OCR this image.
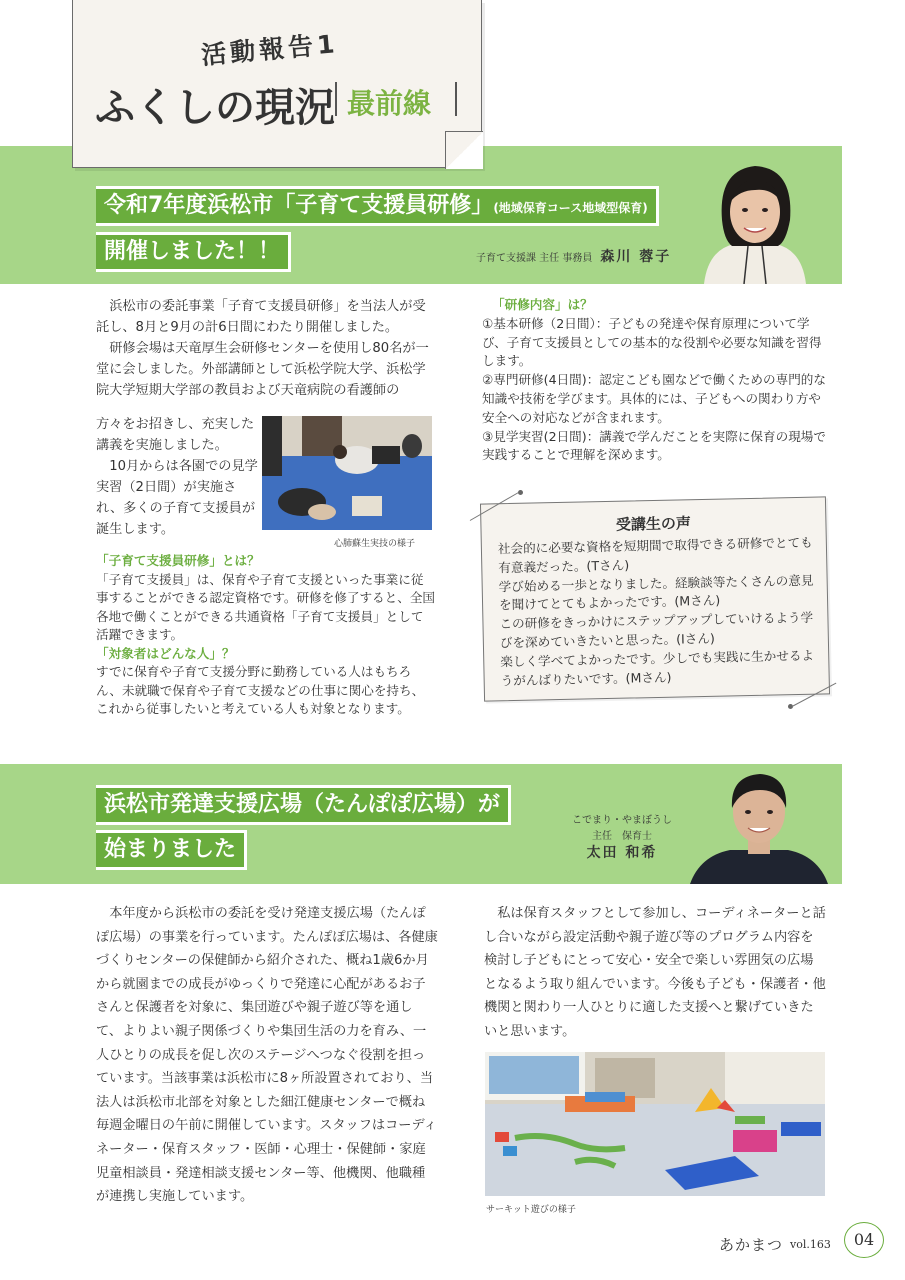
活動報告1
ふくしの現況 最前線
令和7年度浜松市「子育て支援員研修」(地域保育コース地域型保育)
開催しました！！	子育て支援課 主任 事務員 森川 蓉子

浜松市の委託事業「子育て支援員研修」を当法人が受託し、8月と9月の計6日間にわたり開催しました。

研修会場は天竜厚生会研修センターを使用し80名が一堂に会しました。外部講師として浜松学院大学、浜松学院大学短期大学部の教員および天竜病院の看護師の

方々をお招きし、充実した講義を実施しました。

10月からは各園での見学実習（2日間）が実施され、多くの子育て支援員が誕生します。

心肺蘇生実技の様子

「子育て支援員研修」とは？

「子育て支援員」は、保育や子育て支援といった事業に従事することができる認定資格です。研修を修了すると、全国各地で働くことができる共通資格「子育て支援員」として活躍できます。

「対象者はどんな人」？

すでに保育や子育て支援分野に勤務している人はもちろん、未就職で保育や子育て支援などの仕事に関心を持ち、これから従事したいと考えている人も対象となります。

「研修内容」は？

①基本研修（2日間）：子どもの発達や保育原理について学び、子育て支援員としての基本的な役割や必要な知識を習得します。

②専門研修(4日間)：認定こども園などで働くための専門的な知識や技術を学びます。具体的には、子どもへの関わり方や安全への対応などが含まれます。

③見学実習(2日間)：講義で学んだことを実際に保育の現場で実践することで理解を深めます。

受講生の声

社会的に必要な資格を短期間で取得できる研修でとても有意義だった。(Tさん)

学び始める一歩となりました。経験談等たくさんの意見を聞けてとてもよかったです。(Mさん)

この研修をきっかけにステップアップしていけるよう学びを深めていきたいと思った。(Iさん)

楽しく学べてよかったです。少しでも実践に生かせるようがんばりたいです。(Mさん)

浜松市発達支援広場（たんぽぽ広場）が
始まりました
こでまり・やまぼうし
主任　保育士
太田 和希

本年度から浜松市の委託を受け発達支援広場（たんぽぽ広場）の事業を行っています。たんぽぽ広場は、各健康づくりセンターの保健師から紹介された、概ね1歳6か月から就園までの成長がゆっくりで発達に心配があるお子さんと保護者を対象に、集団遊びや親子遊び等を通して、よりよい親子関係づくりや集団生活の力を育み、一人ひとりの成長を促し次のステージへつなぐ役割を担っています。当該事業は浜松市に8ヶ所設置されており、当法人は浜松市北部を対象とした細江健康センターで概ね毎週金曜日の午前に開催しています。スタッフはコーディネーター・保育スタッフ・医師・心理士・保健師・家庭児童相談員・発達相談支援センター等、他機関、他職種が連携し実施しています。

私は保育スタッフとして参加し、コーディネーターと話し合いながら設定活動や親子遊び等のプログラム内容を検討し子どもにとって安心・安全で楽しい雰囲気の広場となるよう取り組んでいます。今後も子ども・保護者・他機関と関わり一人ひとりに適した支援へと繋げていきたいと思います。

サーキット遊びの様子
あかまつ vol.163	04
